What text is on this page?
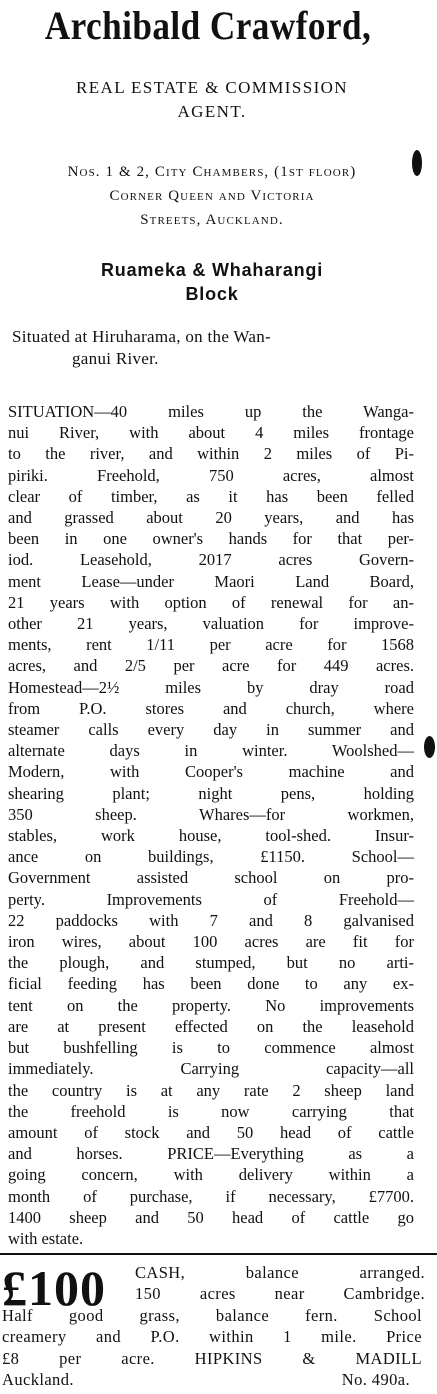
Archibald Crawford,
REAL ESTATE & COMMISSION
AGENT.
Nos. 1 & 2, City Chambers, (1st floor)
Corner Queen and Victoria
Streets, Auckland.
Ruameka & Whaharangi
Block
Situated at Hiruharama, on the Wan-
ganui River.
SITUATION—40 miles up the Wanga-
nui River, with about 4 miles frontage
to the river, and within 2 miles of Pi-
piriki. Freehold, 750 acres, almost
clear of timber, as it has been felled
and grassed about 20 years, and has
been in one owner's hands for that per-
iod. Leasehold, 2017 acres Govern-
ment Lease—under Maori Land Board,
21 years with option of renewal for an-
other 21 years, valuation for improve-
ments, rent 1/11 per acre for 1568
acres, and 2/5 per acre for 449 acres.
Homestead—2½ miles by dray road
from P.O. stores and church, where
steamer calls every day in summer and
alternate days in winter. Woolshed—
Modern, with Cooper's machine and
shearing plant; night pens, holding
350 sheep. Whares—for workmen,
stables, work house, tool-shed. Insur-
ance on buildings, £1150. School—
Government assisted school on pro-
perty. Improvements of Freehold—
22 paddocks with 7 and 8 galvanised
iron wires, about 100 acres are fit for
the plough, and stumped, but no arti-
ficial feeding has been done to any ex-
tent on the property. No improvements
are at present effected on the leasehold
but bushfelling is to commence almost
immediately. Carrying capacity—all
the country is at any rate 2 sheep land
the freehold is now carrying that
amount of stock and 50 head of cattle
and horses. PRICE—Everything as a
going concern, with delivery within a
month of purchase, if necessary, £7700.
1400 sheep and 50 head of cattle go
with estate.
£100 CASH, balance arranged.
150 acres near Cambridge.
Half good grass, balance fern. School
creamery and P.O. within 1 mile. Price
£8 per acre. HIPKINS & MADILL
Auckland.	No. 490a.
